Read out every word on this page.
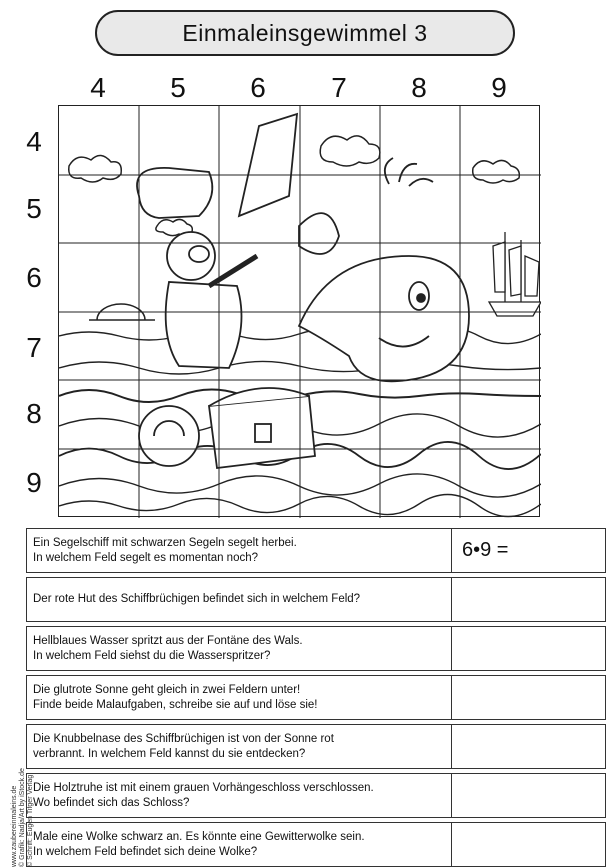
Einmaleinsgewimmel 3
4	5	6	7	8	9
4
5
6
7
8
9
Ein Segelschiff mit schwarzen Segeln segelt herbei.
In welchem Feld segelt es momentan noch?	6•9 =
Der rote Hut des Schiffbrüchigen befindet sich in welchem Feld?
Hellblaues Wasser spritzt aus der Fontäne des Wals.
In welchem Feld siehst du die Wasserspritzer?
Die glutrote Sonne geht gleich in zwei Feldern unter!
Finde beide Malaufgaben, schreibe sie auf und löse sie!
Die Knubbelnase des Schiffbrüchigen ist von der Sonne rot
verbrannt. In welchem Feld kannst du sie entdecken?
Die Holztruhe ist mit einem grauen Vorhängeschloss verschlossen.
Wo befindet sich das Schloss?
Male eine Wolke schwarz an. Es könnte eine Gewitterwolke sein.
In welchem Feld befindet sich deine Wolke?
www.zaubereinmaleins.de © Grafik: Nadja/Art by iStock.de © Schrift: Eugen Tifger Verlag
